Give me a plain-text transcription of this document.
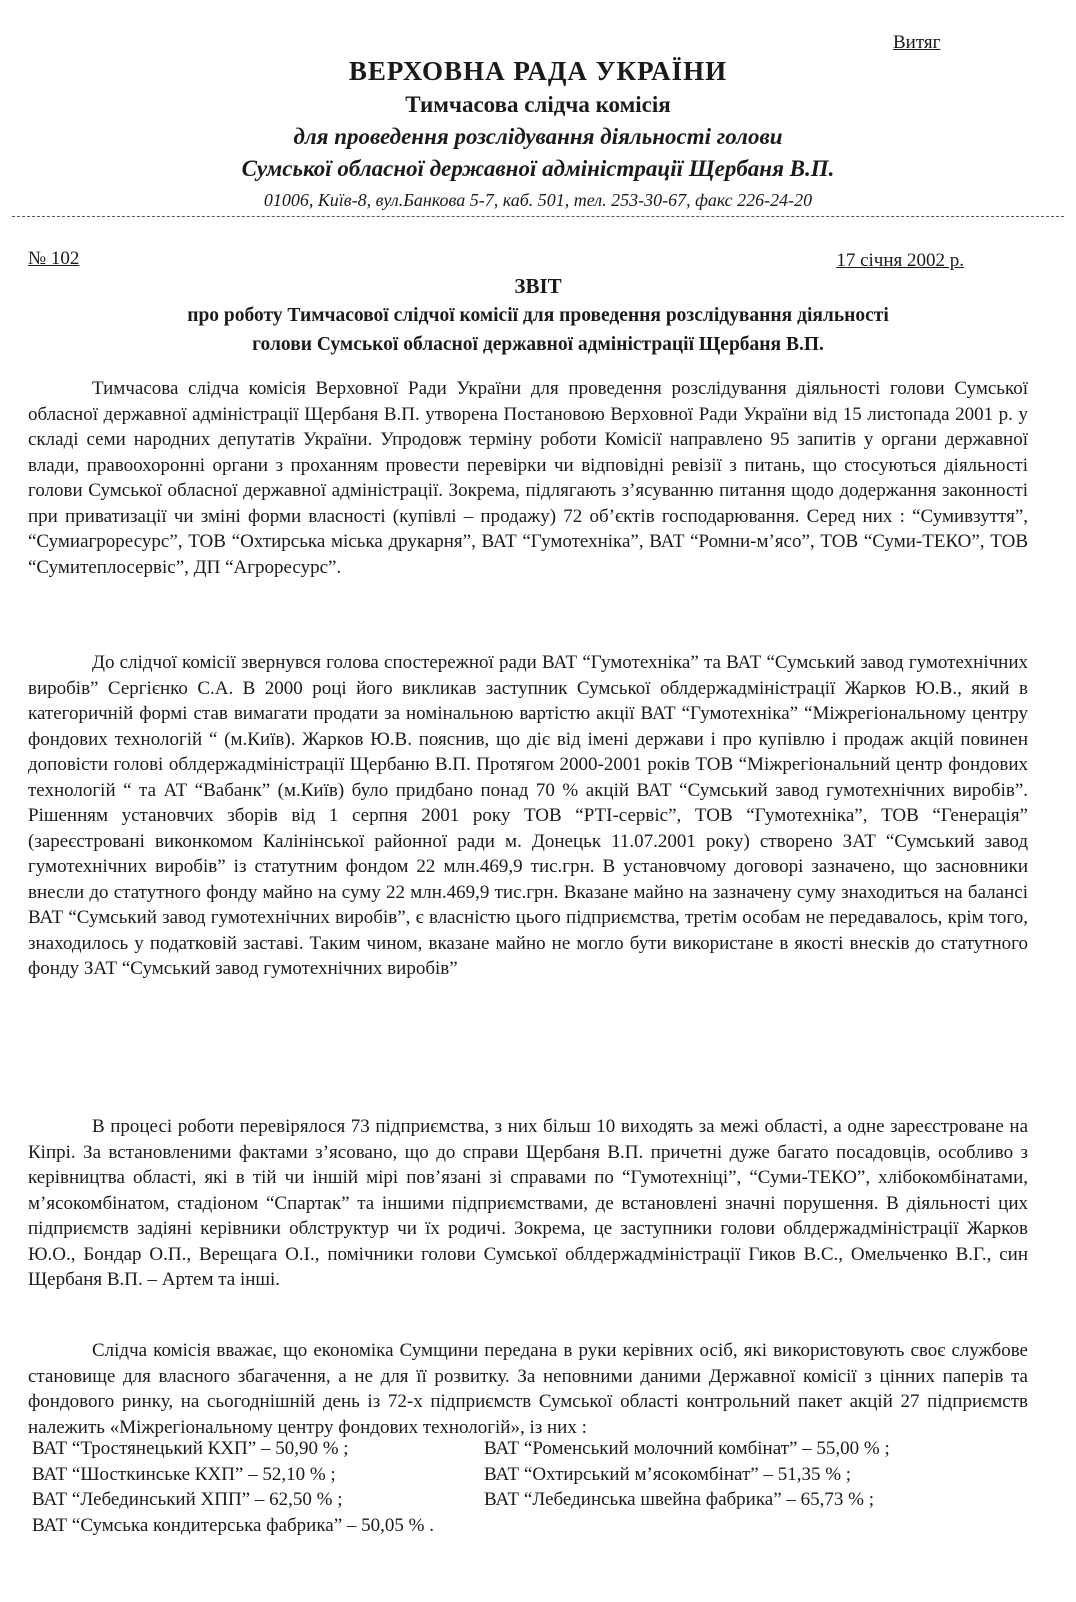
Витяг
ВЕРХОВНА РАДА УКРАЇНИ
Тимчасова слідча комісія
для проведення розслідування діяльності голови
Сумської обласної державної адміністрації Щербаня В.П.
01006, Київ-8, вул.Банкова 5-7, каб. 501, тел. 253-30-67, факс 226-24-20
№ 102	17 січня 2002 р.
ЗВІТ
про роботу Тимчасової слідчої комісії для проведення розслідування діяльності
голови Сумської обласної державної адміністрації Щербаня В.П.
Тимчасова слідча комісія Верховної Ради України для проведення розслідування діяльності голови Сумської обласної державної адміністрації Щербаня В.П. утворена Постановою Верховної Ради України від 15 листопада 2001 р. у складі семи народних депутатів України. Упродовж терміну роботи Комісії направлено 95 запитів у органи державної влади, правоохоронні органи з проханням провести перевірки чи відповідні ревізії з питань, що стосуються діяльності голови Сумської обласної державної адміністрації. Зокрема, підлягають з’ясуванню питання щодо додержання законності при приватизації чи зміні форми власності (купівлі – продажу) 72 об’єктів господарювання. Серед них : “Сумивзуття”, “Сумиагроресурс”, ТОВ “Охтирська міська друкарня”, ВАТ “Гумотехніка”, ВАТ “Ромни-м’ясо”, ТОВ “Суми-ТЕКО”, ТОВ “Сумитеплосервіс”, ДП “Агроресурс”.
До слідчої комісії звернувся голова спостережної ради ВАТ “Гумотехніка” та ВАТ “Сумський завод гумотехнічних виробів” Сергієнко С.А. В 2000 році його викликав заступник Сумської облдержадміністрації Жарков Ю.В., який в категоричній формі став вимагати продати за номінальною вартістю акції ВАТ “Гумотехніка” “Міжрегіональному центру фондових технологій “ (м.Київ). Жарков Ю.В. пояснив, що діє від імені держави і про купівлю і продаж акцій повинен доповісти голові облдержадміністрації Щербаню В.П. Протягом 2000-2001 років ТОВ “Міжрегіональний центр фондових технологій “ та АТ “Вабанк” (м.Київ) було придбано понад 70 % акцій ВАТ “Сумський завод гумотехнічних виробів”. Рішенням установчих зборів від 1 серпня 2001 року ТОВ “РТІ-сервіс”, ТОВ “Гумотехніка”, ТОВ “Генерація” (зареєстровані виконкомом Калінінської районної ради м. Донецьк 11.07.2001 року) створено ЗАТ “Сумський завод гумотехнічних виробів” із статутним фондом 22 млн.469,9 тис.грн. В установчому договорі зазначено, що засновники внесли до статутного фонду майно на суму 22 млн.469,9 тис.грн. Вказане майно на зазначену суму знаходиться на балансі ВАТ “Сумський завод гумотехнічних виробів”, є власністю цього підприємства, третім особам не передавалось, крім того, знаходилось у податковій заставі. Таким чином, вказане майно не могло бути використане в якості внесків до статутного фонду ЗАТ “Сумський завод гумотехнічних виробів”
В процесі роботи перевірялося 73 підприємства, з них більш 10 виходять за межі області, а одне зареєстроване на Кіпрі. За встановленими фактами з’ясовано, що до справи Щербаня В.П. причетні дуже багато посадовців, особливо з керівництва області, які в тій чи іншій мірі пов’язані зі справами по “Гумотехніці”, “Суми-ТЕКО”, хлібокомбінатами, м’ясокомбінатом, стадіоном “Спартак” та іншими підприємствами, де встановлені значні порушення. В діяльності цих підприємств задіяні керівники облструктур чи їх родичі. Зокрема, це заступники голови облдержадміністрації Жарков Ю.О., Бондар О.П., Верещага О.І., помічники голови Сумської облдержадміністрації Гиков В.С., Омельченко В.Г., син Щербаня В.П. – Артем та інші.
Слідча комісія вважає, що економіка Сумщини передана в руки керівних осіб, які використовують своє службове становище для власного збагачення, а не для її розвитку. За неповними даними Державної комісії з цінних паперів та фондового ринку, на сьогоднішній день із 72-х підприємств Сумської області контрольний пакет акцій 27 підприємств належить «Міжрегіональному центру фондових технологій», із них :
ВАТ “Тростянецький КХП” – 50,90 % ;	ВАТ “Роменський молочний комбінат” – 55,00 % ;
ВАТ “Шосткинське КХП” – 52,10 % ;	ВАТ “Охтирський м’ясокомбінат” – 51,35 % ;
ВАТ “Лебединський ХПП” – 62,50 % ;	ВАТ “Лебединська швейна фабрика” – 65,73 % ;
ВАТ “Сумська кондитерська фабрика” – 50,05 % .
